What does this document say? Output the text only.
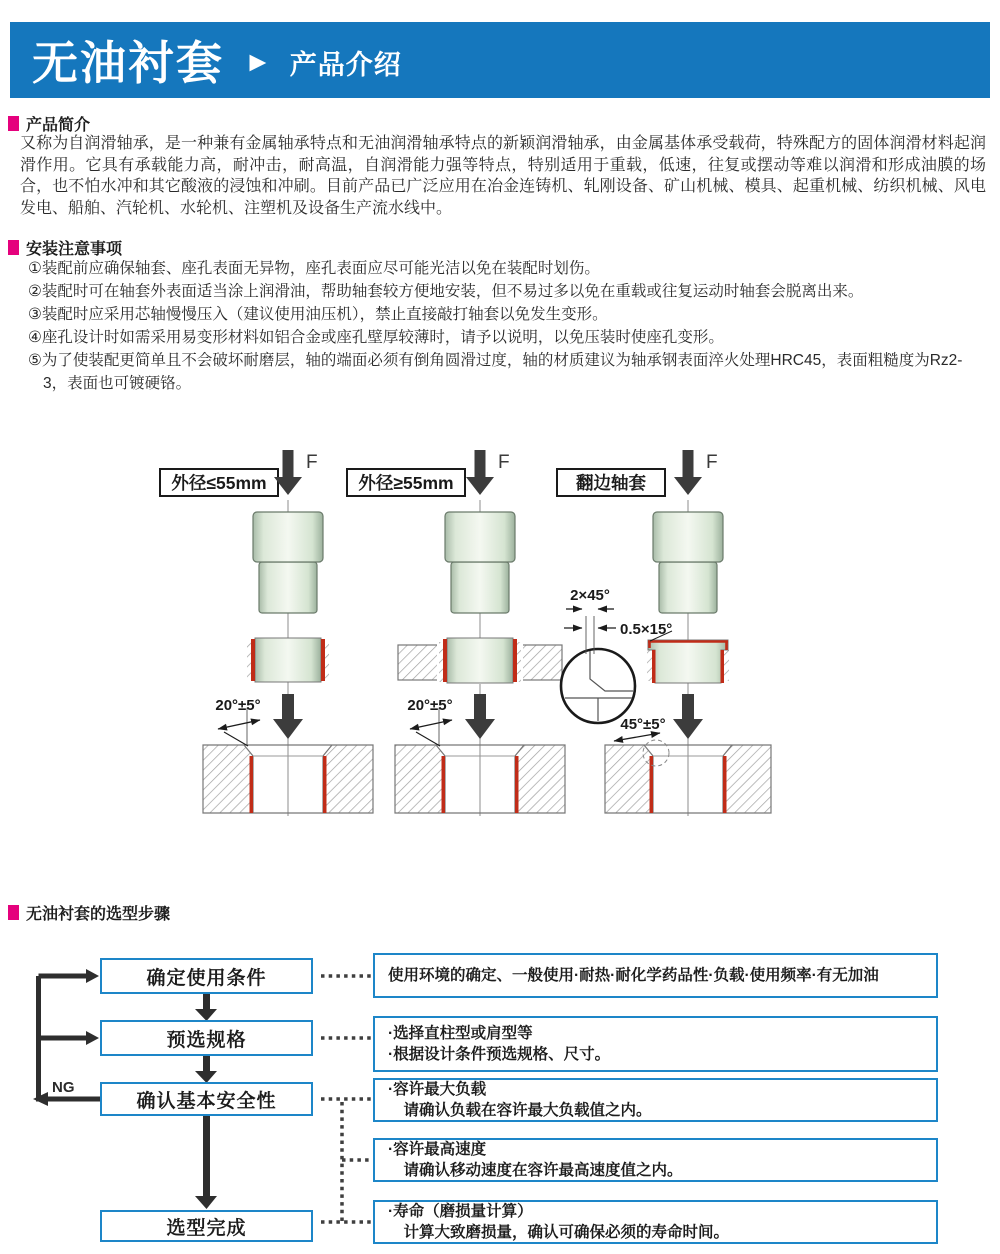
无油衬套 ► 产品介绍
产品简介

又称为自润滑轴承，是一种兼有金属轴承特点和无油润滑轴承特点的新颖润滑轴承，由金属基体承受载荷，特殊配方的固体润滑材料起润滑作用。它具有承载能力高，耐冲击，耐高温，自润滑能力强等特点，特别适用于重载，低速，往复或摆动等难以润滑和形成油膜的场合，也不怕水冲和其它酸液的浸蚀和冲刷。目前产品已广泛应用在冶金连铸机、轧刚设备、矿山机械、模具、起重机械、纺织机械、风电发电、船舶、汽轮机、水轮机、注塑机及设备生产流水线中。

安装注意事项
①装配前应确保轴套、座孔表面无异物，座孔表面应尽可能光洁以免在装配时划伤。
②装配时可在轴套外表面适当涂上润滑油，帮助轴套较方便地安装，但不易过多以免在重载或往复运动时轴套会脱离出来。
③装配时应采用芯轴慢慢压入（建议使用油压机），禁止直接敲打轴套以免发生变形。
④座孔设计时如需采用易变形材料如铝合金或座孔壁厚较薄时，请予以说明，以免压装时使座孔变形。
⑤为了使装配更简单且不会破坏耐磨层，轴的端面必须有倒角圆滑过度，轴的材质建议为轴承钢表面淬火处理HRC45，表面粗糙度为Rz2-3，表面也可镀硬铬。
外径≤55mm
F
20°±5°
外径≥55mm
F
20°±5°
翻边轴套
F
2×45°
0.5×15°
45°±5°
无油衬套的选型步骤
确定使用条件
预选规格
确认基本安全性
选型完成
NG
使用环境的确定、一般使用·耐热·耐化学药品性·负载·使用频率·有无加油
·选择直柱型或肩型等
·根据设计条件预选规格、尺寸。
·容许最大负载
　请确认负载在容许最大负载值之内。
·容许最高速度
　请确认移动速度在容许最高速度值之内。
·寿命（磨损量计算）
　计算大致磨损量，确认可确保必须的寿命时间。
